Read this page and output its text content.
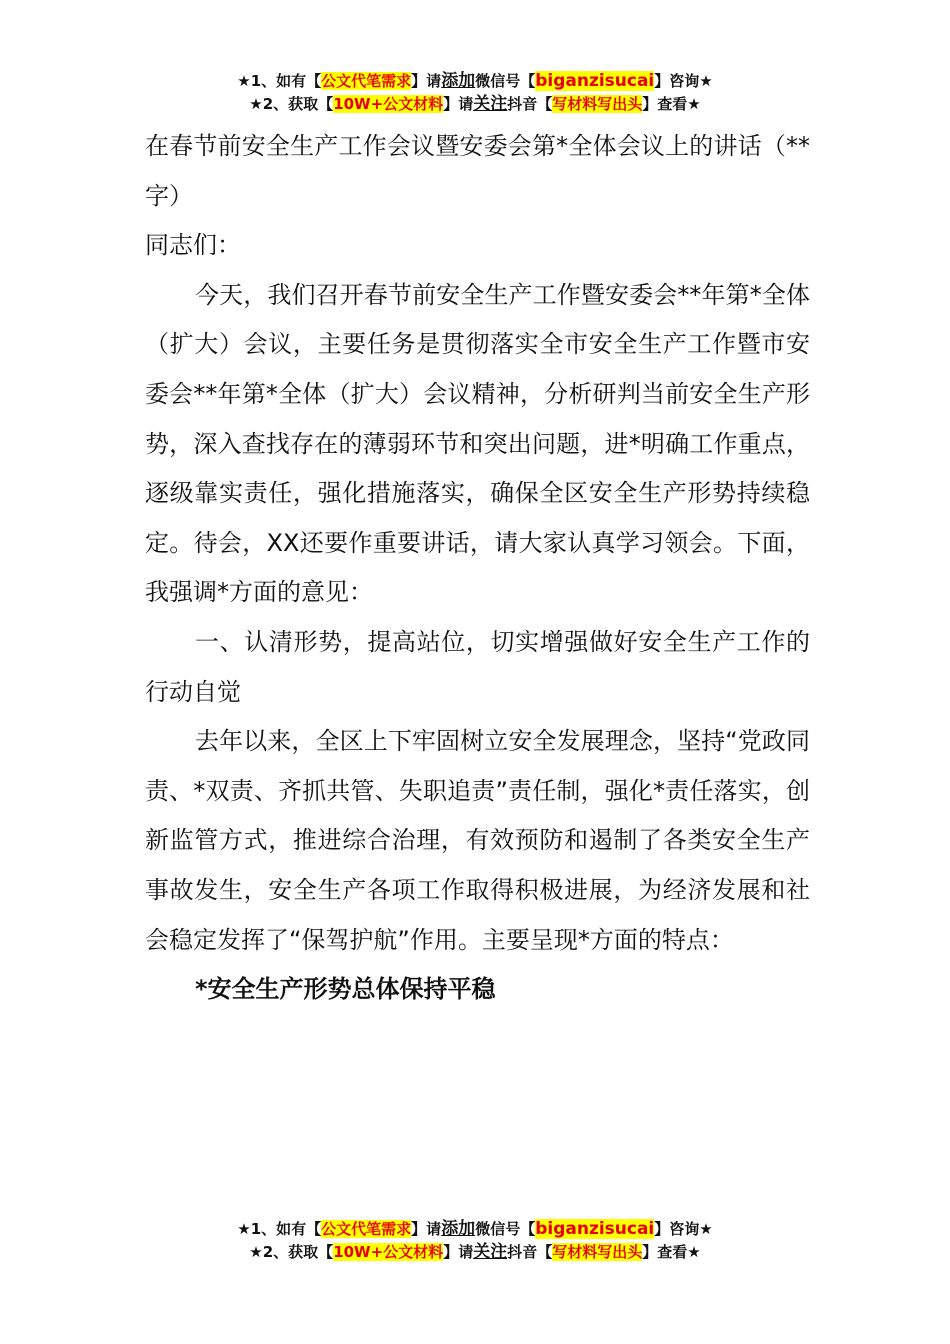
★1、如有【公文代笔需求】请添加微信号【biganzisucai】咨询★
★2、获取【10W+公文材料】请关注抖音【写材料写出头】查看★

在春节前安全生产工作会议暨安委会第*全体会议上的讲话（**字）

同志们：

今天，我们召开春节前安全生产工作暨安委会**年第*全体（扩大）会议，主要任务是贯彻落实全市安全生产工作暨市安委会**年第*全体（扩大）会议精神，分析研判当前安全生产形势，深入查找存在的薄弱环节和突出问题，进*明确工作重点，逐级靠实责任，强化措施落实，确保全区安全生产形势持续稳定。待会，XX还要作重要讲话，请大家认真学习领会。下面，我强调*方面的意见：

一、认清形势，提高站位，切实增强做好安全生产工作的行动自觉

去年以来，全区上下牢固树立安全发展理念，坚持“党政同责、*双责、齐抓共管、失职追责”责任制，强化*责任落实，创新监管方式，推进综合治理，有效预防和遏制了各类安全生产事故发生，安全生产各项工作取得积极进展，为经济发展和社会稳定发挥了“保驾护航”作用。主要呈现*方面的特点：

*安全生产形势总体保持平稳

★1、如有【公文代笔需求】请添加微信号【biganzisucai】咨询★
★2、获取【10W+公文材料】请关注抖音【写材料写出头】查看★
